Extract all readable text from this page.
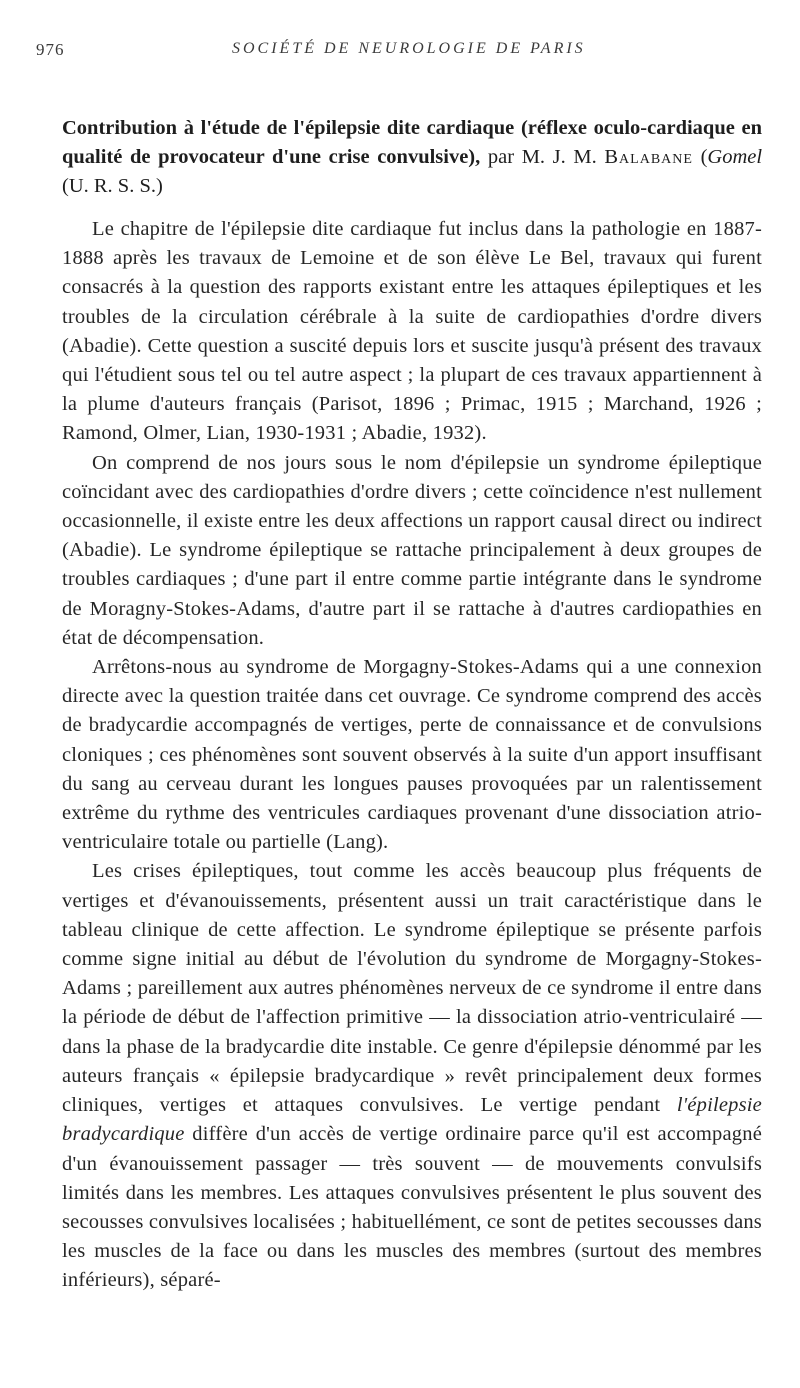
976	SOCIÉTÉ DE NEUROLOGIE DE PARIS
Contribution à l'étude de l'épilepsie dite cardiaque (réflexe oculo-cardiaque en qualité de provocateur d'une crise convulsive), par M. J. M. Balabane (Gomel (U. R. S. S.)

Le chapitre de l'épilepsie dite cardiaque fut inclus dans la pathologie en 1887-1888 après les travaux de Lemoine et de son élève Le Bel, travaux qui furent consacrés à la question des rapports existant entre les attaques épileptiques et les troubles de la circulation cérébrale à la suite de cardiopathies d'ordre divers (Abadie). Cette question a suscité depuis lors et suscite jusqu'à présent des travaux qui l'étudient sous tel ou tel autre aspect ; la plupart de ces travaux appartiennent à la plume d'auteurs français (Parisot, 1896 ; Primac, 1915 ; Marchand, 1926 ; Ramond, Olmer, Lian, 1930-1931 ; Abadie, 1932).

On comprend de nos jours sous le nom d'épilepsie un syndrome épileptique coïncidant avec des cardiopathies d'ordre divers ; cette coïncidence n'est nullement occasionnelle, il existe entre les deux affections un rapport causal direct ou indirect (Abadie). Le syndrome épileptique se rattache principalement à deux groupes de troubles cardiaques ; d'une part il entre comme partie intégrante dans le syndrome de Moragny-Stokes-Adams, d'autre part il se rattache à d'autres cardiopathies en état de décompensation.

Arrêtons-nous au syndrome de Morgagny-Stokes-Adams qui a une connexion directe avec la question traitée dans cet ouvrage. Ce syndrome comprend des accès de bradycardie accompagnés de vertiges, perte de connaissance et de convulsions cloniques ; ces phénomènes sont souvent observés à la suite d'un apport insuffisant du sang au cerveau durant les longues pauses provoquées par un ralentissement extrême du rythme des ventricules cardiaques provenant d'une dissociation atrio-ventriculaire totale ou partielle (Lang).

Les crises épileptiques, tout comme les accès beaucoup plus fréquents de vertiges et d'évanouissements, présentent aussi un trait caractéristique dans le tableau clinique de cette affection. Le syndrome épileptique se présente parfois comme signe initial au début de l'évolution du syndrome de Morgagny-Stokes-Adams ; pareillement aux autres phénomènes nerveux de ce syndrome il entre dans la période de début de l'affection primitive — la dissociation atrio-ventriculairé — dans la phase de la bradycardie dite instable. Ce genre d'épilepsie dénommé par les auteurs français « épilepsie bradycardique » revêt principalement deux formes cliniques, vertiges et attaques convulsives. Le vertige pendant l'épilepsie bradycardique diffère d'un accès de vertige ordinaire parce qu'il est accompagné d'un évanouissement passager — très souvent — de mouvements convulsifs limités dans les membres. Les attaques convulsives présentent le plus souvent des secousses convulsives localisées ; habituellément, ce sont de petites secousses dans les muscles de la face ou dans les muscles des membres (surtout des membres inférieurs), séparé-
